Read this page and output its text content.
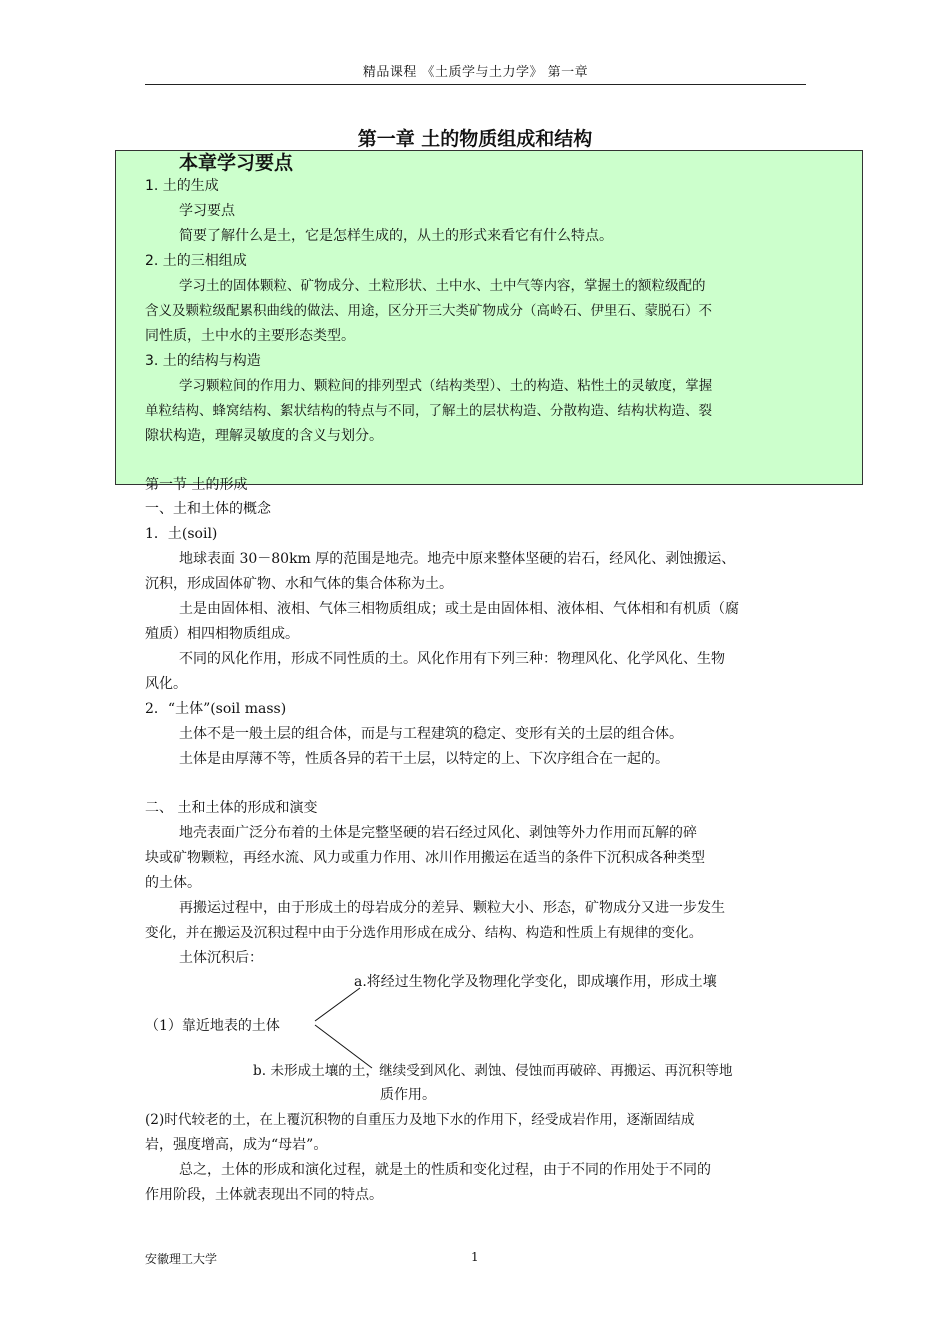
精品课程 《土质学与土力学》 第一章
第一章 土的物质组成和结构
本章学习要点
1. 土的生成
学习要点
简要了解什么是土，它是怎样生成的，从土的形式来看它有什么特点。
2. 土的三相组成
学习土的固体颗粒、矿物成分、土粒形状、土中水、土中气等内容，掌握土的额粒级配的
含义及颗粒级配累积曲线的做法、用途，区分开三大类矿物成分（高岭石、伊里石、蒙脱石）不
同性质，土中水的主要形态类型。
3. 土的结构与构造
学习颗粒间的作用力、颗粒间的排列型式（结构类型）、土的构造、粘性土的灵敏度，掌握
单粒结构、蜂窝结构、絮状结构的特点与不同，了解土的层状构造、分散构造、结构状构造、裂
隙状构造，理解灵敏度的含义与划分。
第一节 土的形成
一、土和土体的概念
1．土(soil)
地球表面 30－80km 厚的范围是地壳。地壳中原来整体坚硬的岩石，经风化、剥蚀搬运、
沉积，形成固体矿物、水和气体的集合体称为土。
土是由固体相、液相、气体三相物质组成；或土是由固体相、液体相、气体相和有机质（腐
殖质）相四相物质组成。
不同的风化作用，形成不同性质的土。风化作用有下列三种：物理风化、化学风化、生物
风化。
2．“土体”(soil mass)
土体不是一般土层的组合体，而是与工程建筑的稳定、变形有关的土层的组合体。
土体是由厚薄不等，性质各异的若干土层，以特定的上、下次序组合在一起的。
二、 土和土体的形成和演变
地壳表面广泛分布着的土体是完整坚硬的岩石经过风化、剥蚀等外力作用而瓦解的碎
块或矿物颗粒，再经水流、风力或重力作用、冰川作用搬运在适当的条件下沉积成各种类型
的土体。
再搬运过程中，由于形成土的母岩成分的差异、颗粒大小、形态，矿物成分又进一步发生
变化，并在搬运及沉积过程中由于分选作用形成在成分、结构、构造和性质上有规律的变化。
土体沉积后：
a.将经过生物化学及物理化学变化，即成壤作用，形成土壤
（1）靠近地表的土体
b. 未形成土壤的土，继续受到风化、剥蚀、侵蚀而再破碎、再搬运、再沉积等地
质作用。
(2)时代较老的土，在上覆沉积物的自重压力及地下水的作用下，经受成岩作用，逐渐固结成
岩，强度增高，成为“母岩”。
总之，土体的形成和演化过程，就是土的性质和变化过程，由于不同的作用处于不同的
作用阶段，土体就表现出不同的特点。
安徽理工大学	1
